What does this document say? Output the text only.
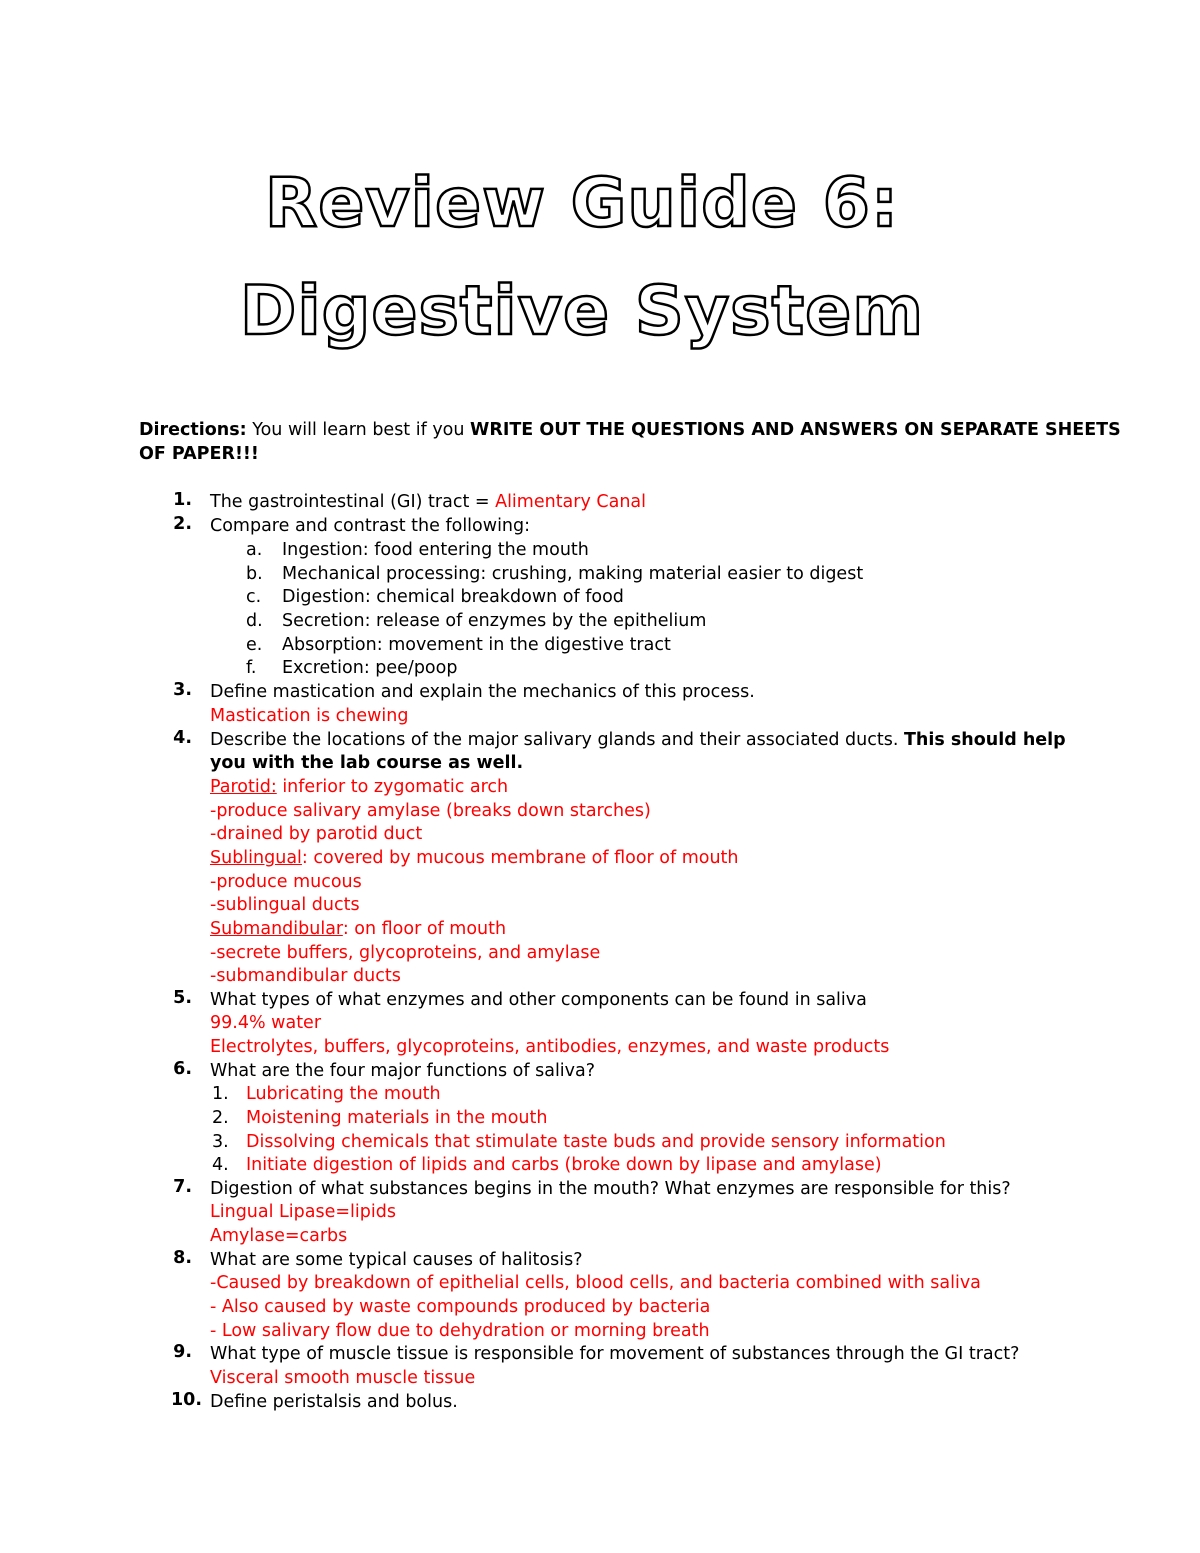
Review Guide 6:
Digestive System
Directions: You will learn best if you WRITE OUT THE QUESTIONS AND ANSWERS ON SEPARATE SHEETS
OF PAPER!!!
1. The gastrointestinal (GI) tract = Alimentary Canal
2. Compare and contrast the following:
a. Ingestion: food entering the mouth
b. Mechanical processing: crushing, making material easier to digest
c. Digestion: chemical breakdown of food
d. Secretion: release of enzymes by the epithelium
e. Absorption: movement in the digestive tract
f. Excretion: pee/poop
3. Define mastication and explain the mechanics of this process.
Mastication is chewing
4. Describe the locations of the major salivary glands and their associated ducts. This should help
you with the lab course as well.
Parotid: inferior to zygomatic arch
-produce salivary amylase (breaks down starches)
-drained by parotid duct
Sublingual: covered by mucous membrane of floor of mouth
-produce mucous
-sublingual ducts
Submandibular: on floor of mouth
-secrete buffers, glycoproteins, and amylase
-submandibular ducts
5. What types of what enzymes and other components can be found in saliva
99.4% water
Electrolytes, buffers, glycoproteins, antibodies, enzymes, and waste products
6. What are the four major functions of saliva?
1. Lubricating the mouth
2. Moistening materials in the mouth
3. Dissolving chemicals that stimulate taste buds and provide sensory information
4. Initiate digestion of lipids and carbs (broke down by lipase and amylase)
7. Digestion of what substances begins in the mouth? What enzymes are responsible for this?
Lingual Lipase=lipids
Amylase=carbs
8. What are some typical causes of halitosis?
-Caused by breakdown of epithelial cells, blood cells, and bacteria combined with saliva
- Also caused by waste compounds produced by bacteria
- Low salivary flow due to dehydration or morning breath
9. What type of muscle tissue is responsible for movement of substances through the GI tract?
Visceral smooth muscle tissue
10. Define peristalsis and bolus.
